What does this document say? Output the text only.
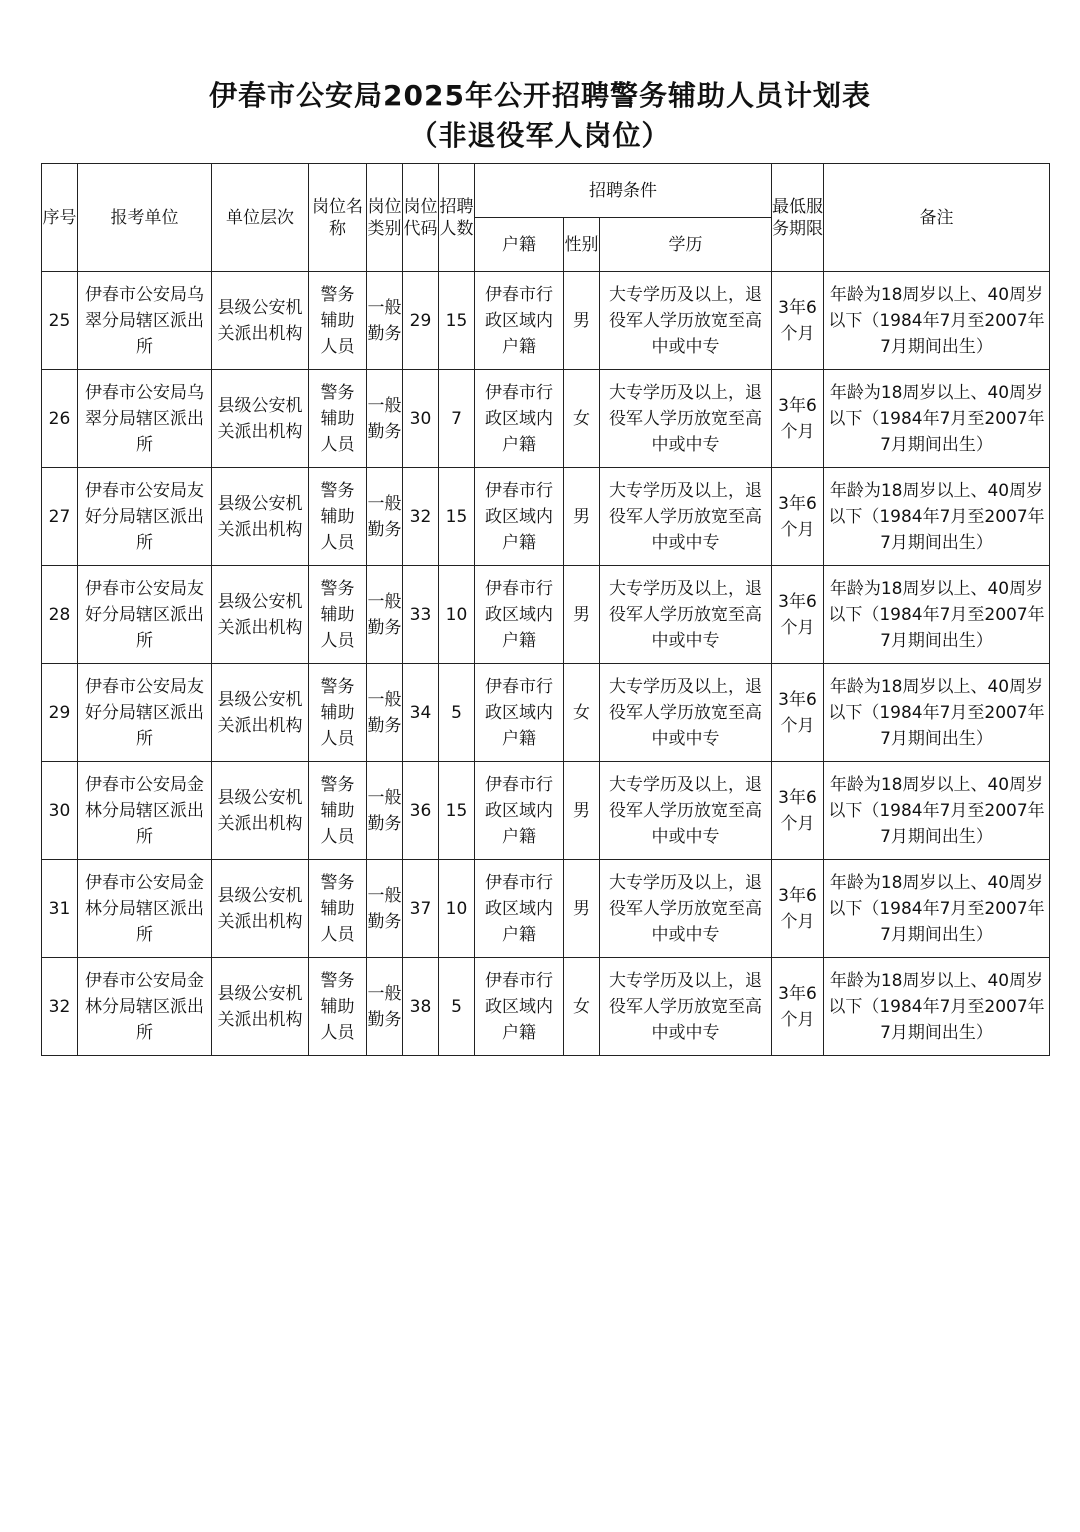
伊春市公安局2025年公开招聘警务辅助人员计划表
（非退役军人岗位）
序号	报考单位	单位层次	岗位名称	岗位类别	岗位代码	招聘人数	招聘条件			最低服务期限	备注
							户籍	性别	学历		
25	伊春市公安局乌翠分局辖区派出所	县级公安机关派出机构	警务辅助人员	一般勤务	29	15	伊春市行政区域内户籍	男	大专学历及以上，退役军人学历放宽至高中或中专	3年6个月	年龄为18周岁以上、40周岁以下（1984年7月至2007年7月期间出生）
26	伊春市公安局乌翠分局辖区派出所	县级公安机关派出机构	警务辅助人员	一般勤务	30	7	伊春市行政区域内户籍	女	大专学历及以上，退役军人学历放宽至高中或中专	3年6个月	年龄为18周岁以上、40周岁以下（1984年7月至2007年7月期间出生）
27	伊春市公安局友好分局辖区派出所	县级公安机关派出机构	警务辅助人员	一般勤务	32	15	伊春市行政区域内户籍	男	大专学历及以上，退役军人学历放宽至高中或中专	3年6个月	年龄为18周岁以上、40周岁以下（1984年7月至2007年7月期间出生）
28	伊春市公安局友好分局辖区派出所	县级公安机关派出机构	警务辅助人员	一般勤务	33	10	伊春市行政区域内户籍	男	大专学历及以上，退役军人学历放宽至高中或中专	3年6个月	年龄为18周岁以上、40周岁以下（1984年7月至2007年7月期间出生）
29	伊春市公安局友好分局辖区派出所	县级公安机关派出机构	警务辅助人员	一般勤务	34	5	伊春市行政区域内户籍	女	大专学历及以上，退役军人学历放宽至高中或中专	3年6个月	年龄为18周岁以上、40周岁以下（1984年7月至2007年7月期间出生）
30	伊春市公安局金林分局辖区派出所	县级公安机关派出机构	警务辅助人员	一般勤务	36	15	伊春市行政区域内户籍	男	大专学历及以上，退役军人学历放宽至高中或中专	3年6个月	年龄为18周岁以上、40周岁以下（1984年7月至2007年7月期间出生）
31	伊春市公安局金林分局辖区派出所	县级公安机关派出机构	警务辅助人员	一般勤务	37	10	伊春市行政区域内户籍	男	大专学历及以上，退役军人学历放宽至高中或中专	3年6个月	年龄为18周岁以上、40周岁以下（1984年7月至2007年7月期间出生）
32	伊春市公安局金林分局辖区派出所	县级公安机关派出机构	警务辅助人员	一般勤务	38	5	伊春市行政区域内户籍	女	大专学历及以上，退役军人学历放宽至高中或中专	3年6个月	年龄为18周岁以上、40周岁以下（1984年7月至2007年7月期间出生）
